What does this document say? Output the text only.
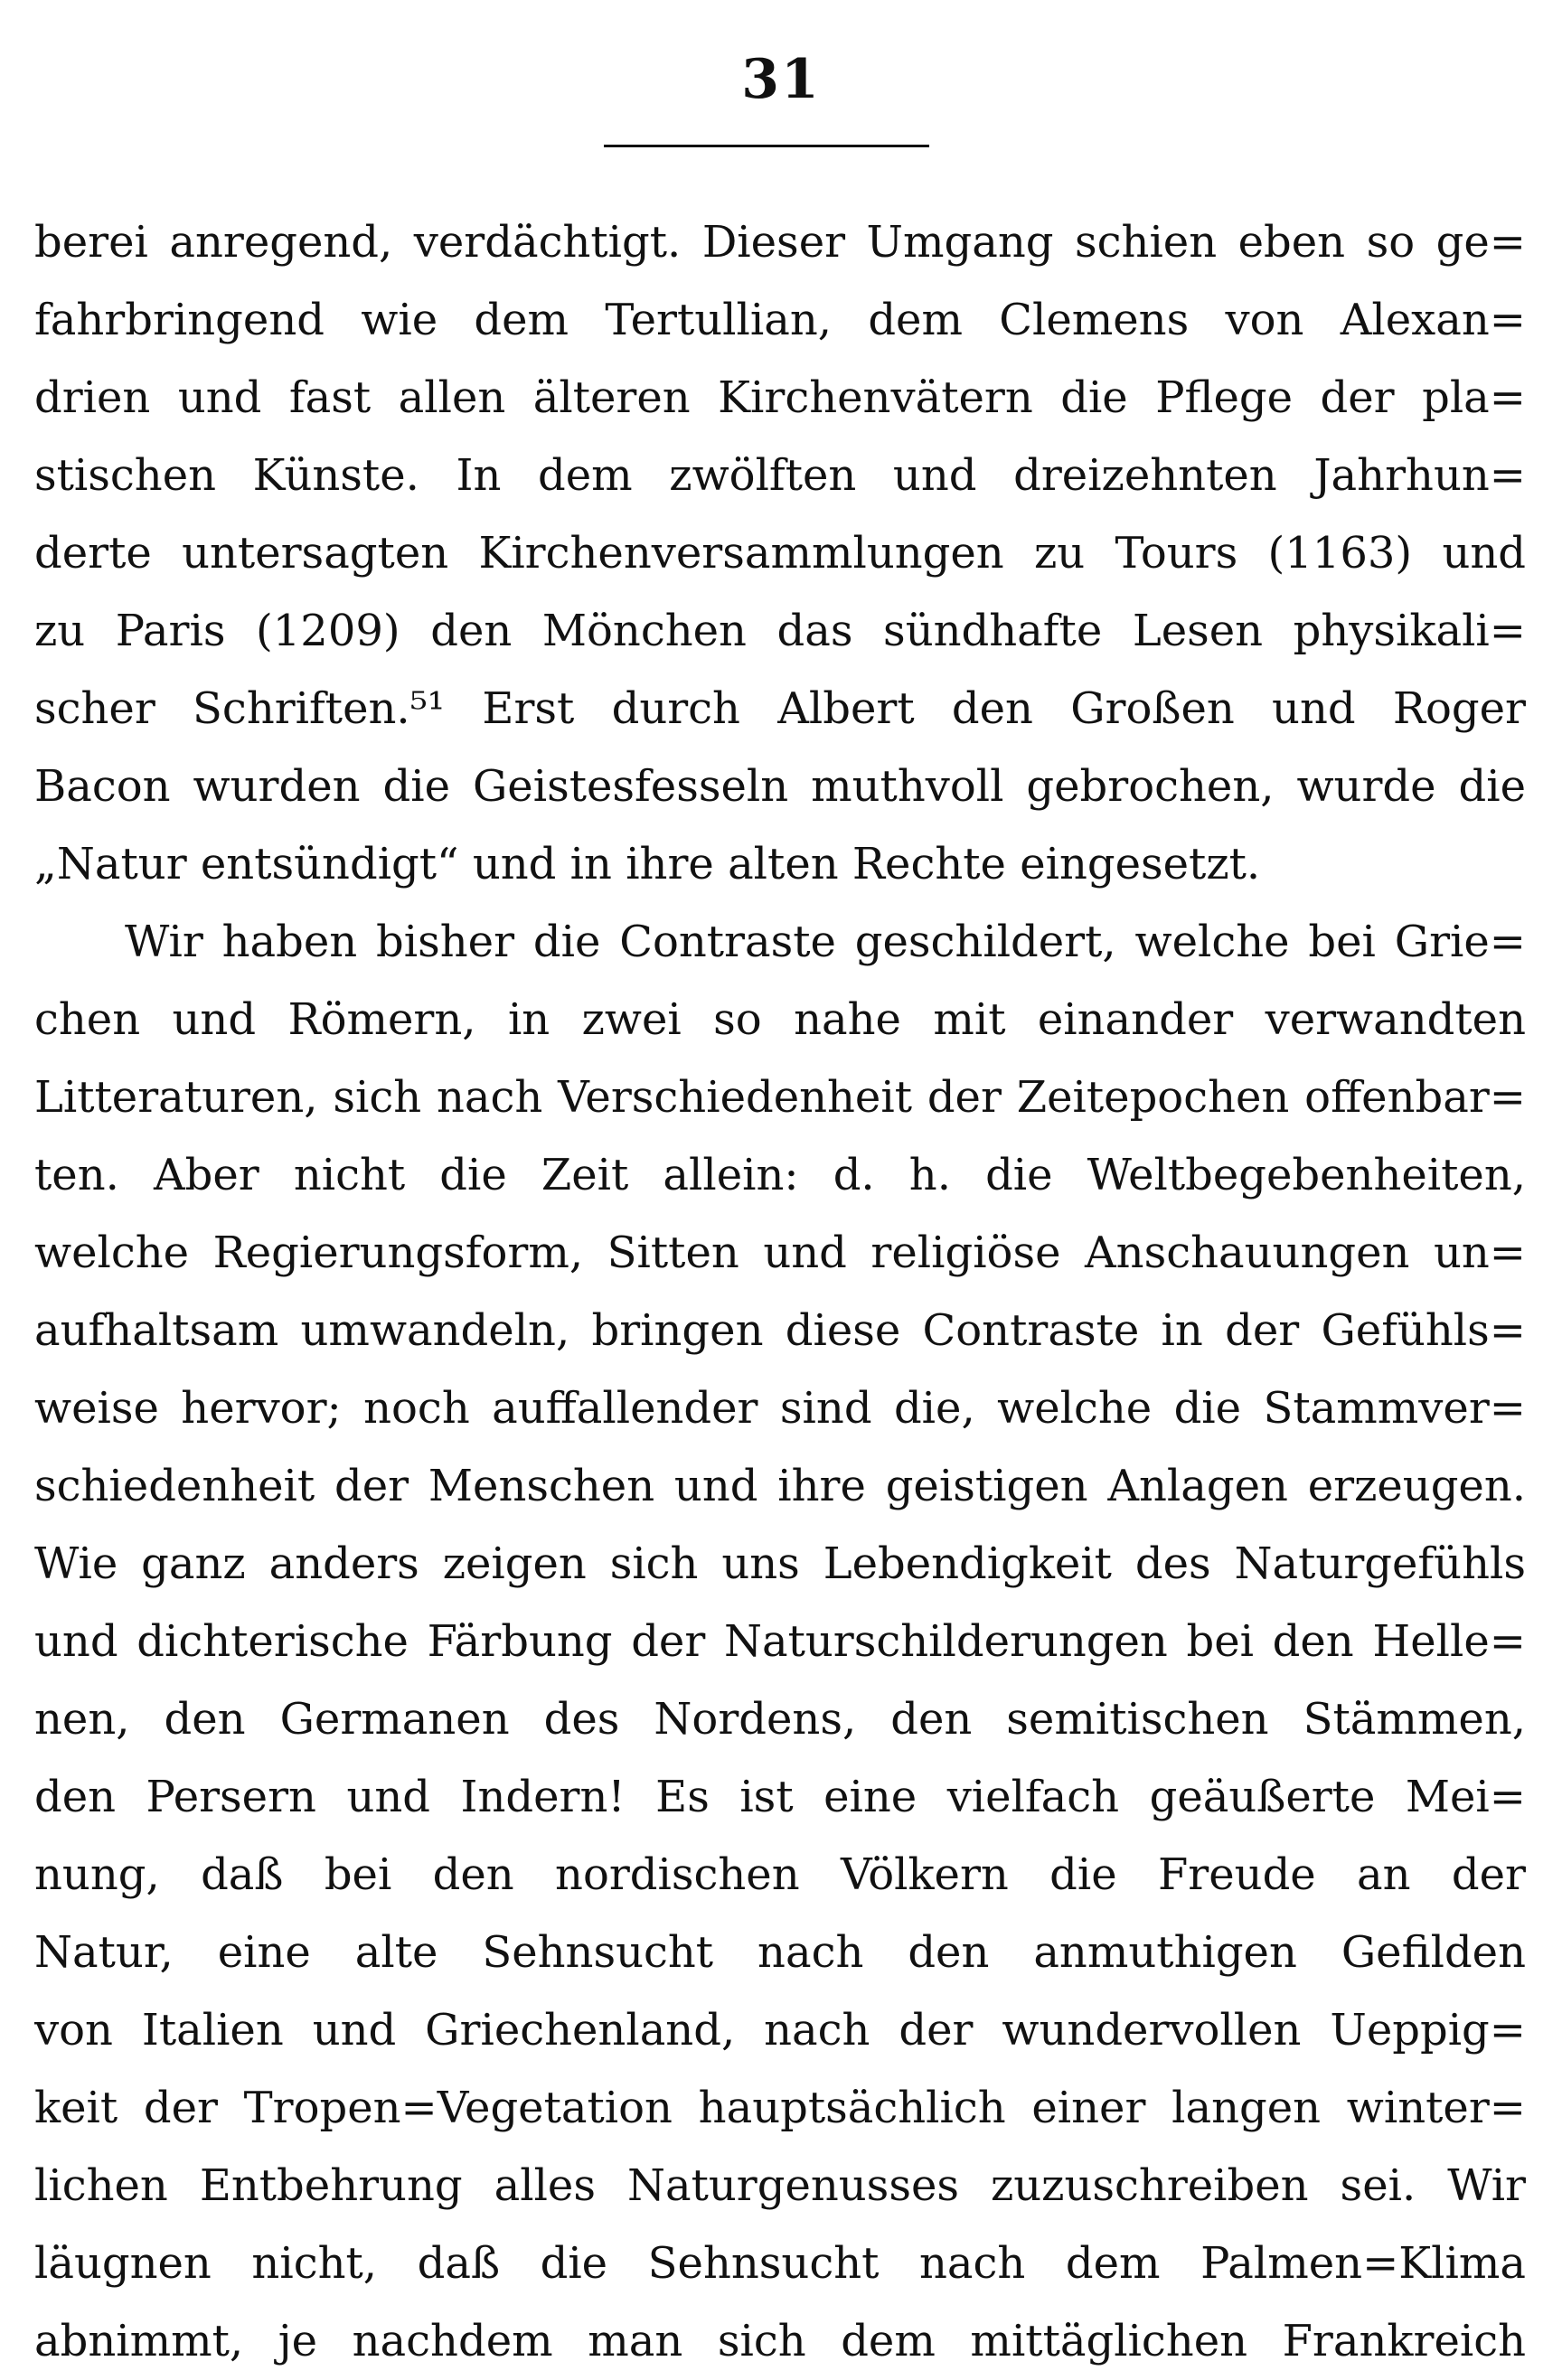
31
berei anregend, verdächtigt. Dieser Umgang schien eben so ge=
fahrbringend wie dem Tertullian, dem Clemens von Alexan=
drien und fast allen älteren Kirchenvätern die Pflege der pla=
stischen Künste. In dem zwölften und dreizehnten Jahrhun=
derte untersagten Kirchenversammlungen zu Tours (1163) und
zu Paris (1209) den Mönchen das sündhafte Lesen physikali=
scher Schriften.⁵¹ Erst durch Albert den Großen und Roger
Bacon wurden die Geistesfesseln muthvoll gebrochen, wurde die
„Natur entsündigt“ und in ihre alten Rechte eingesetzt.
Wir haben bisher die Contraste geschildert, welche bei Grie=
chen und Römern, in zwei so nahe mit einander verwandten
Litteraturen, sich nach Verschiedenheit der Zeitepochen offenbar=
ten. Aber nicht die Zeit allein: d. h. die Weltbegebenheiten,
welche Regierungsform, Sitten und religiöse Anschauungen un=
aufhaltsam umwandeln, bringen diese Contraste in der Gefühls=
weise hervor; noch auffallender sind die, welche die Stammver=
schiedenheit der Menschen und ihre geistigen Anlagen erzeugen.
Wie ganz anders zeigen sich uns Lebendigkeit des Naturgefühls
und dichterische Färbung der Naturschilderungen bei den Helle=
nen, den Germanen des Nordens, den semitischen Stämmen,
den Persern und Indern! Es ist eine vielfach geäußerte Mei=
nung, daß bei den nordischen Völkern die Freude an der
Natur, eine alte Sehnsucht nach den anmuthigen Gefilden
von Italien und Griechenland, nach der wundervollen Ueppig=
keit der Tropen=Vegetation hauptsächlich einer langen winter=
lichen Entbehrung alles Naturgenusses zuzuschreiben sei. Wir
läugnen nicht, daß die Sehnsucht nach dem Palmen=Klima
abnimmt, je nachdem man sich dem mittäglichen Frankreich
